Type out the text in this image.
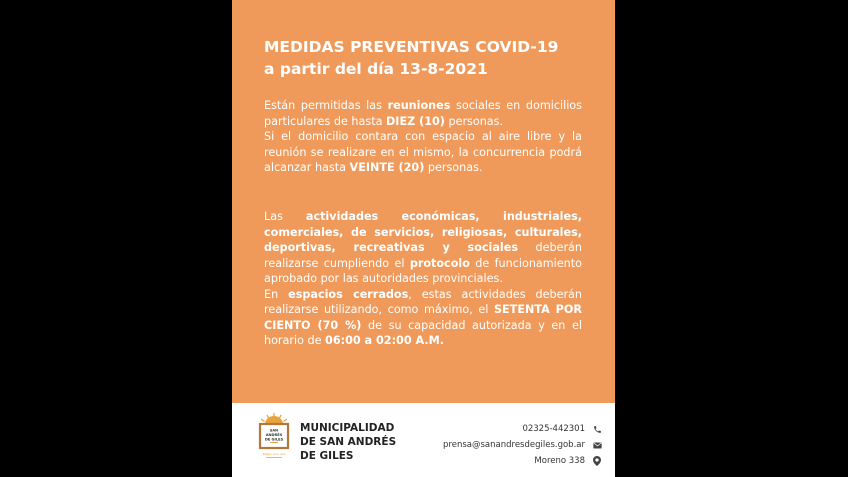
MEDIDAS PREVENTIVAS COVID-19
a partir del día 13-8-2021

Están permitidas las reuniones sociales en domicilios particulares de hasta DIEZ (10) personas.
Si el domicilio contara con espacio al aire libre y la reunión se realizare en el mismo, la concurrencia podrá alcanzar hasta VEINTE (20) personas.

Las actividades económicas, industriales, comerciales, de servicios, religiosas, culturales, deportivas, recreativas y sociales deberán realizarse cumpliendo el protocolo de funcionamiento aprobado por las autoridades provinciales.
En espacios cerrados, estas actividades deberán realizarse utilizando, como máximo, el SETENTA POR CIENTO (70 %) de su capacidad autorizada y en el horario de 06:00 a 02:00 A.M.

SAN
ANDRÉS
DE GILES
Elegís vivir acá

MUNICIPALIDAD
DE SAN ANDRÉS
DE GILES

02325-442301
prensa@sanandresdegiles.gob.ar
Moreno 338
